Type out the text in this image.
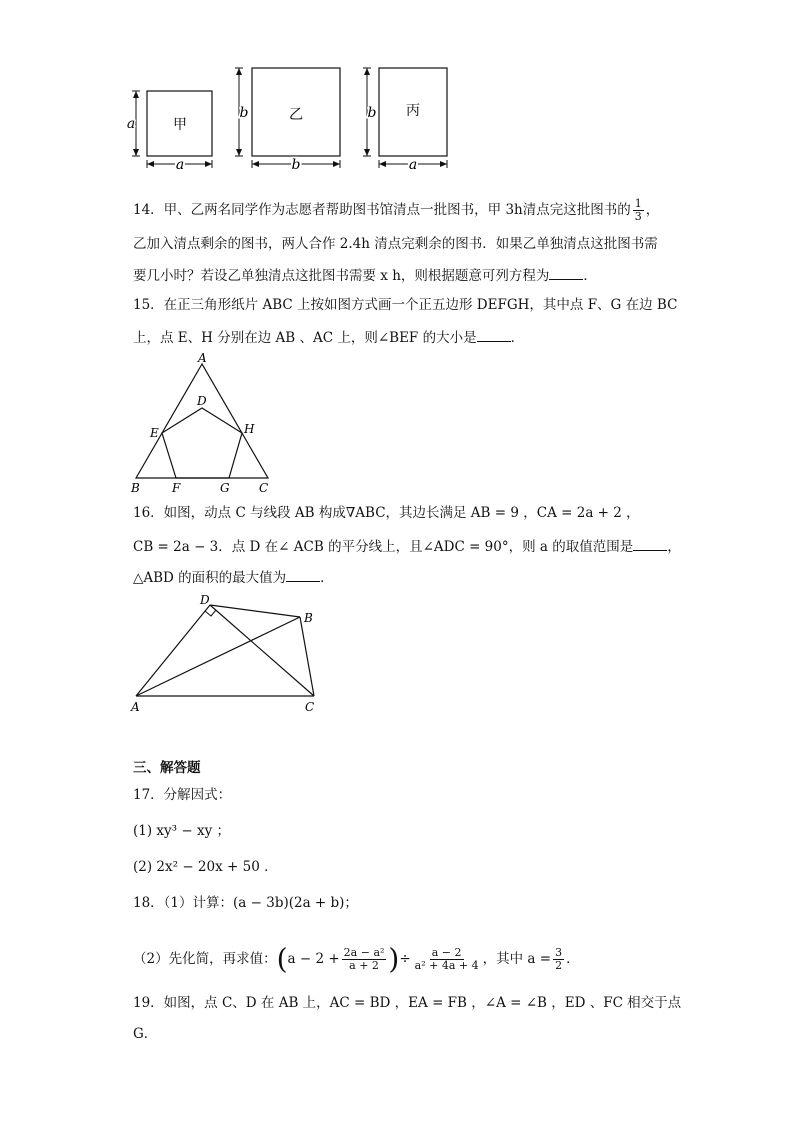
甲
a
a
乙
b
b
丙
b
a
14．甲、乙两名同学作为志愿者帮助图书馆清点一批图书，甲 3h清点完这批图书的 $\frac{1}{3}$ ，
乙加入清点剩余的图书，两人合作 2.4h 清点完剩余的图书．如果乙单独清点这批图书需
要几小时？若设乙单独清点这批图书需要 x h，则根据题意可列方程为	．
15．在正三角形纸片 ABC 上按如图方式画一个正五边形 DEFGH，其中点 F、G 在边 BC
上，点 E、H 分别在边 AB 、AC 上，则∠BEF 的大小是	．
A
B	C
D
E
F	G
H
16．如图，动点 C 与线段 AB 构成∇ABC，其边长满足 AB = 9 ，CA = 2a + 2 ，
CB = 2a − 3．点 D 在∠ ACB 的平分线上，且∠ADC = 90°，则 a 的取值范围是	，
△ABD 的面积的最大值为	．
A
B
C
D
三、解答题
17．分解因式：
(1) xy³ − xy ；
(2) 2x² − 20x + 50 ．
18．（1）计算：(a − 3b)(2a + b)；
（2）先化简，再求值：($a - 2 + \frac{\text{2a − a²}}{a + 2}$ )÷ $\frac{a - 2}{\text{a² + 4a + 4}}$ ，其中 $a = \frac{3}{2}$ ．
19．如图，点 C、D 在 AB 上，AC = BD ，EA = FB ，∠A = ∠B ，ED 、FC 相交于点
G．
